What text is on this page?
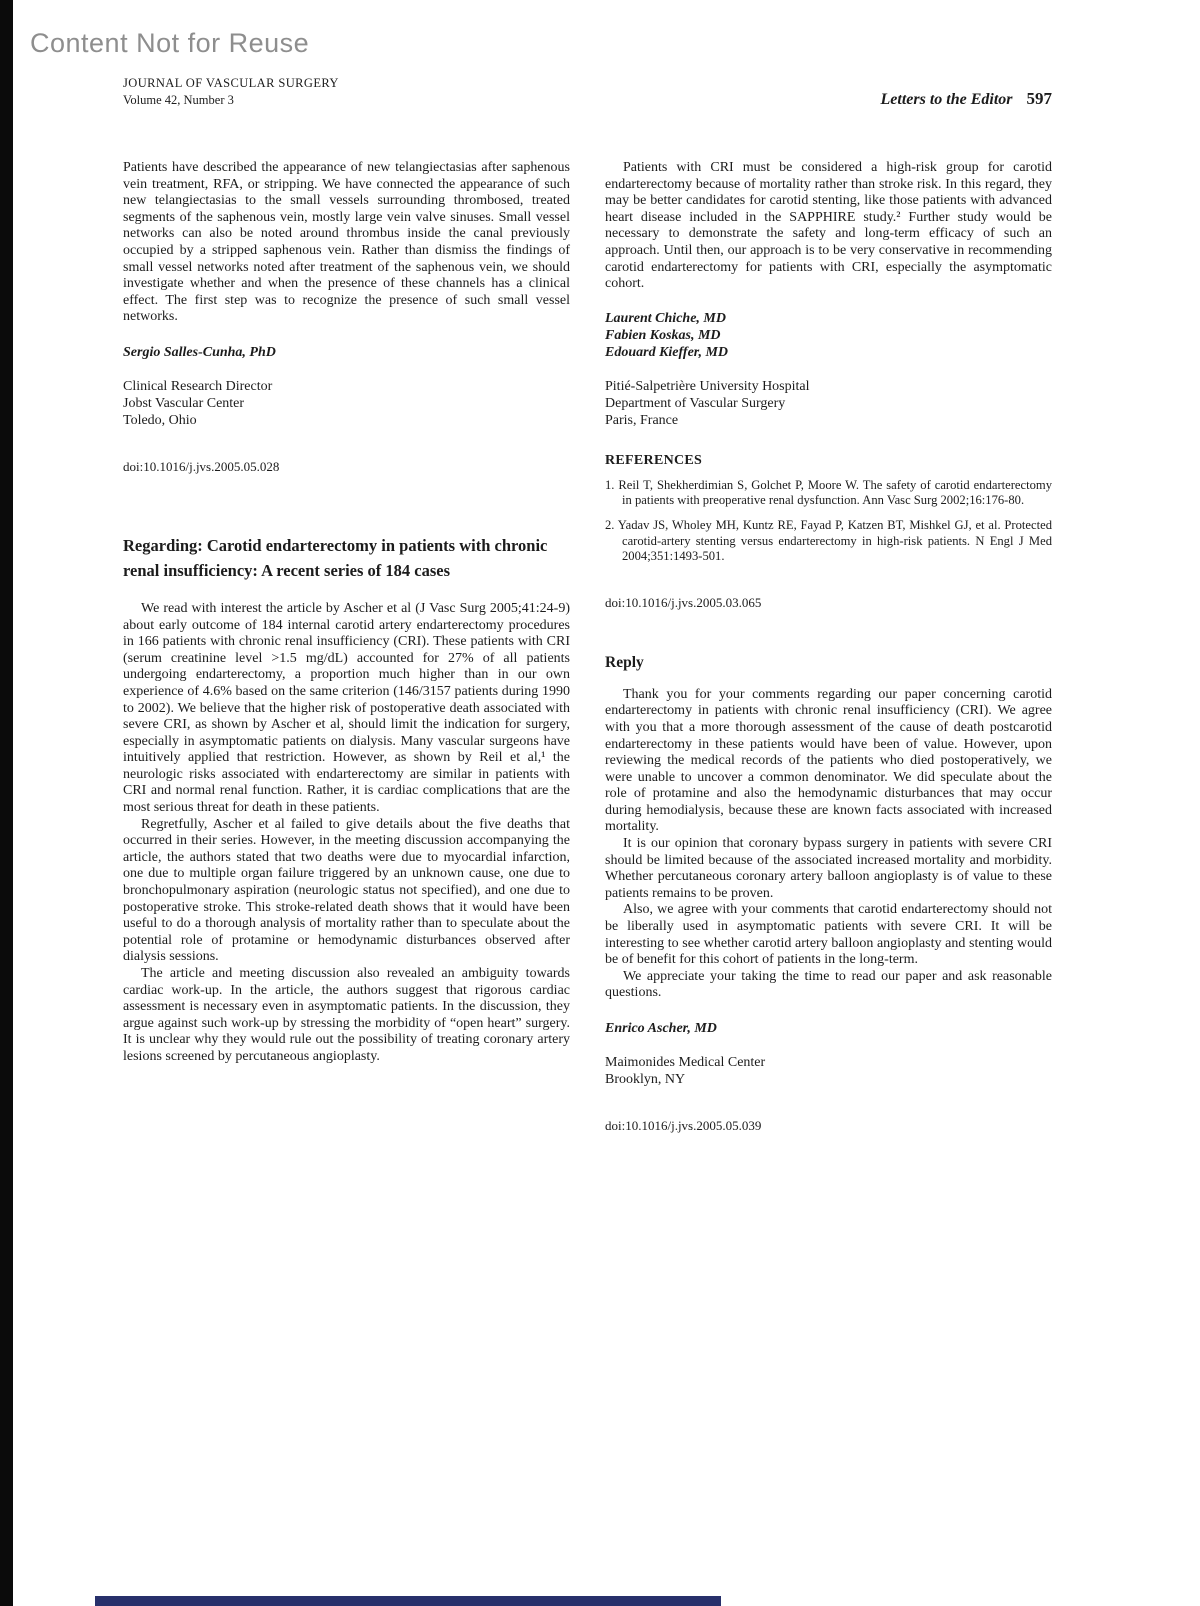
Content Not for Reuse
JOURNAL OF VASCULAR SURGERY
Volume 42, Number 3	Letters to the Editor 597

Patients have described the appearance of new telangiectasias after saphenous vein treatment, RFA, or stripping. We have connected the appearance of such new telangiectasias to the small vessels surrounding thrombosed, treated segments of the saphenous vein, mostly large vein valve sinuses. Small vessel networks can also be noted around thrombus inside the canal previously occupied by a stripped saphenous vein. Rather than dismiss the findings of small vessel networks noted after treatment of the saphenous vein, we should investigate whether and when the presence of these channels has a clinical effect. The first step was to recognize the presence of such small vessel networks.

Sergio Salles-Cunha, PhD

Clinical Research Director
Jobst Vascular Center
Toledo, Ohio
doi:10.1016/j.jvs.2005.05.028
Regarding: Carotid endarterectomy in patients with chronic renal insufficiency: A recent series of 184 cases

We read with interest the article by Ascher et al (J Vasc Surg 2005;41:24-9) about early outcome of 184 internal carotid artery endarterectomy procedures in 166 patients with chronic renal insufficiency (CRI). These patients with CRI (serum creatinine level >1.5 mg/dL) accounted for 27% of all patients undergoing endarterectomy, a proportion much higher than in our own experience of 4.6% based on the same criterion (146/3157 patients during 1990 to 2002). We believe that the higher risk of postoperative death associated with severe CRI, as shown by Ascher et al, should limit the indication for surgery, especially in asymptomatic patients on dialysis. Many vascular surgeons have intuitively applied that restriction. However, as shown by Reil et al,¹ the neurologic risks associated with endarterectomy are similar in patients with CRI and normal renal function. Rather, it is cardiac complications that are the most serious threat for death in these patients.

Regretfully, Ascher et al failed to give details about the five deaths that occurred in their series. However, in the meeting discussion accompanying the article, the authors stated that two deaths were due to myocardial infarction, one due to multiple organ failure triggered by an unknown cause, one due to bronchopulmonary aspiration (neurologic status not specified), and one due to postoperative stroke. This stroke-related death shows that it would have been useful to do a thorough analysis of mortality rather than to speculate about the potential role of protamine or hemodynamic disturbances observed after dialysis sessions.

The article and meeting discussion also revealed an ambiguity towards cardiac work-up. In the article, the authors suggest that rigorous cardiac assessment is necessary even in asymptomatic patients. In the discussion, they argue against such work-up by stressing the morbidity of “open heart” surgery. It is unclear why they would rule out the possibility of treating coronary artery lesions screened by percutaneous angioplasty.

Patients with CRI must be considered a high-risk group for carotid endarterectomy because of mortality rather than stroke risk. In this regard, they may be better candidates for carotid stenting, like those patients with advanced heart disease included in the SAPPHIRE study.² Further study would be necessary to demonstrate the safety and long-term efficacy of such an approach. Until then, our approach is to be very conservative in recommending carotid endarterectomy for patients with CRI, especially the asymptomatic cohort.

Laurent Chiche, MD
Fabien Koskas, MD
Edouard Kieffer, MD
Pitié-Salpetrière University Hospital
Department of Vascular Surgery
Paris, France
REFERENCES
1. Reil T, Shekherdimian S, Golchet P, Moore W. The safety of carotid endarterectomy in patients with preoperative renal dysfunction. Ann Vasc Surg 2002;16:176-80.
2. Yadav JS, Wholey MH, Kuntz RE, Fayad P, Katzen BT, Mishkel GJ, et al. Protected carotid-artery stenting versus endarterectomy in high-risk patients. N Engl J Med 2004;351:1493-501.
doi:10.1016/j.jvs.2005.03.065
Reply

Thank you for your comments regarding our paper concerning carotid endarterectomy in patients with chronic renal insufficiency (CRI). We agree with you that a more thorough assessment of the cause of death postcarotid endarterectomy in these patients would have been of value. However, upon reviewing the medical records of the patients who died postoperatively, we were unable to uncover a common denominator. We did speculate about the role of protamine and also the hemodynamic disturbances that may occur during hemodialysis, because these are known facts associated with increased mortality.

It is our opinion that coronary bypass surgery in patients with severe CRI should be limited because of the associated increased mortality and morbidity. Whether percutaneous coronary artery balloon angioplasty is of value to these patients remains to be proven.

Also, we agree with your comments that carotid endarterectomy should not be liberally used in asymptomatic patients with severe CRI. It will be interesting to see whether carotid artery balloon angioplasty and stenting would be of benefit for this cohort of patients in the long-term.

We appreciate your taking the time to read our paper and ask reasonable questions.

Enrico Ascher, MD

Maimonides Medical Center
Brooklyn, NY
doi:10.1016/j.jvs.2005.05.039
